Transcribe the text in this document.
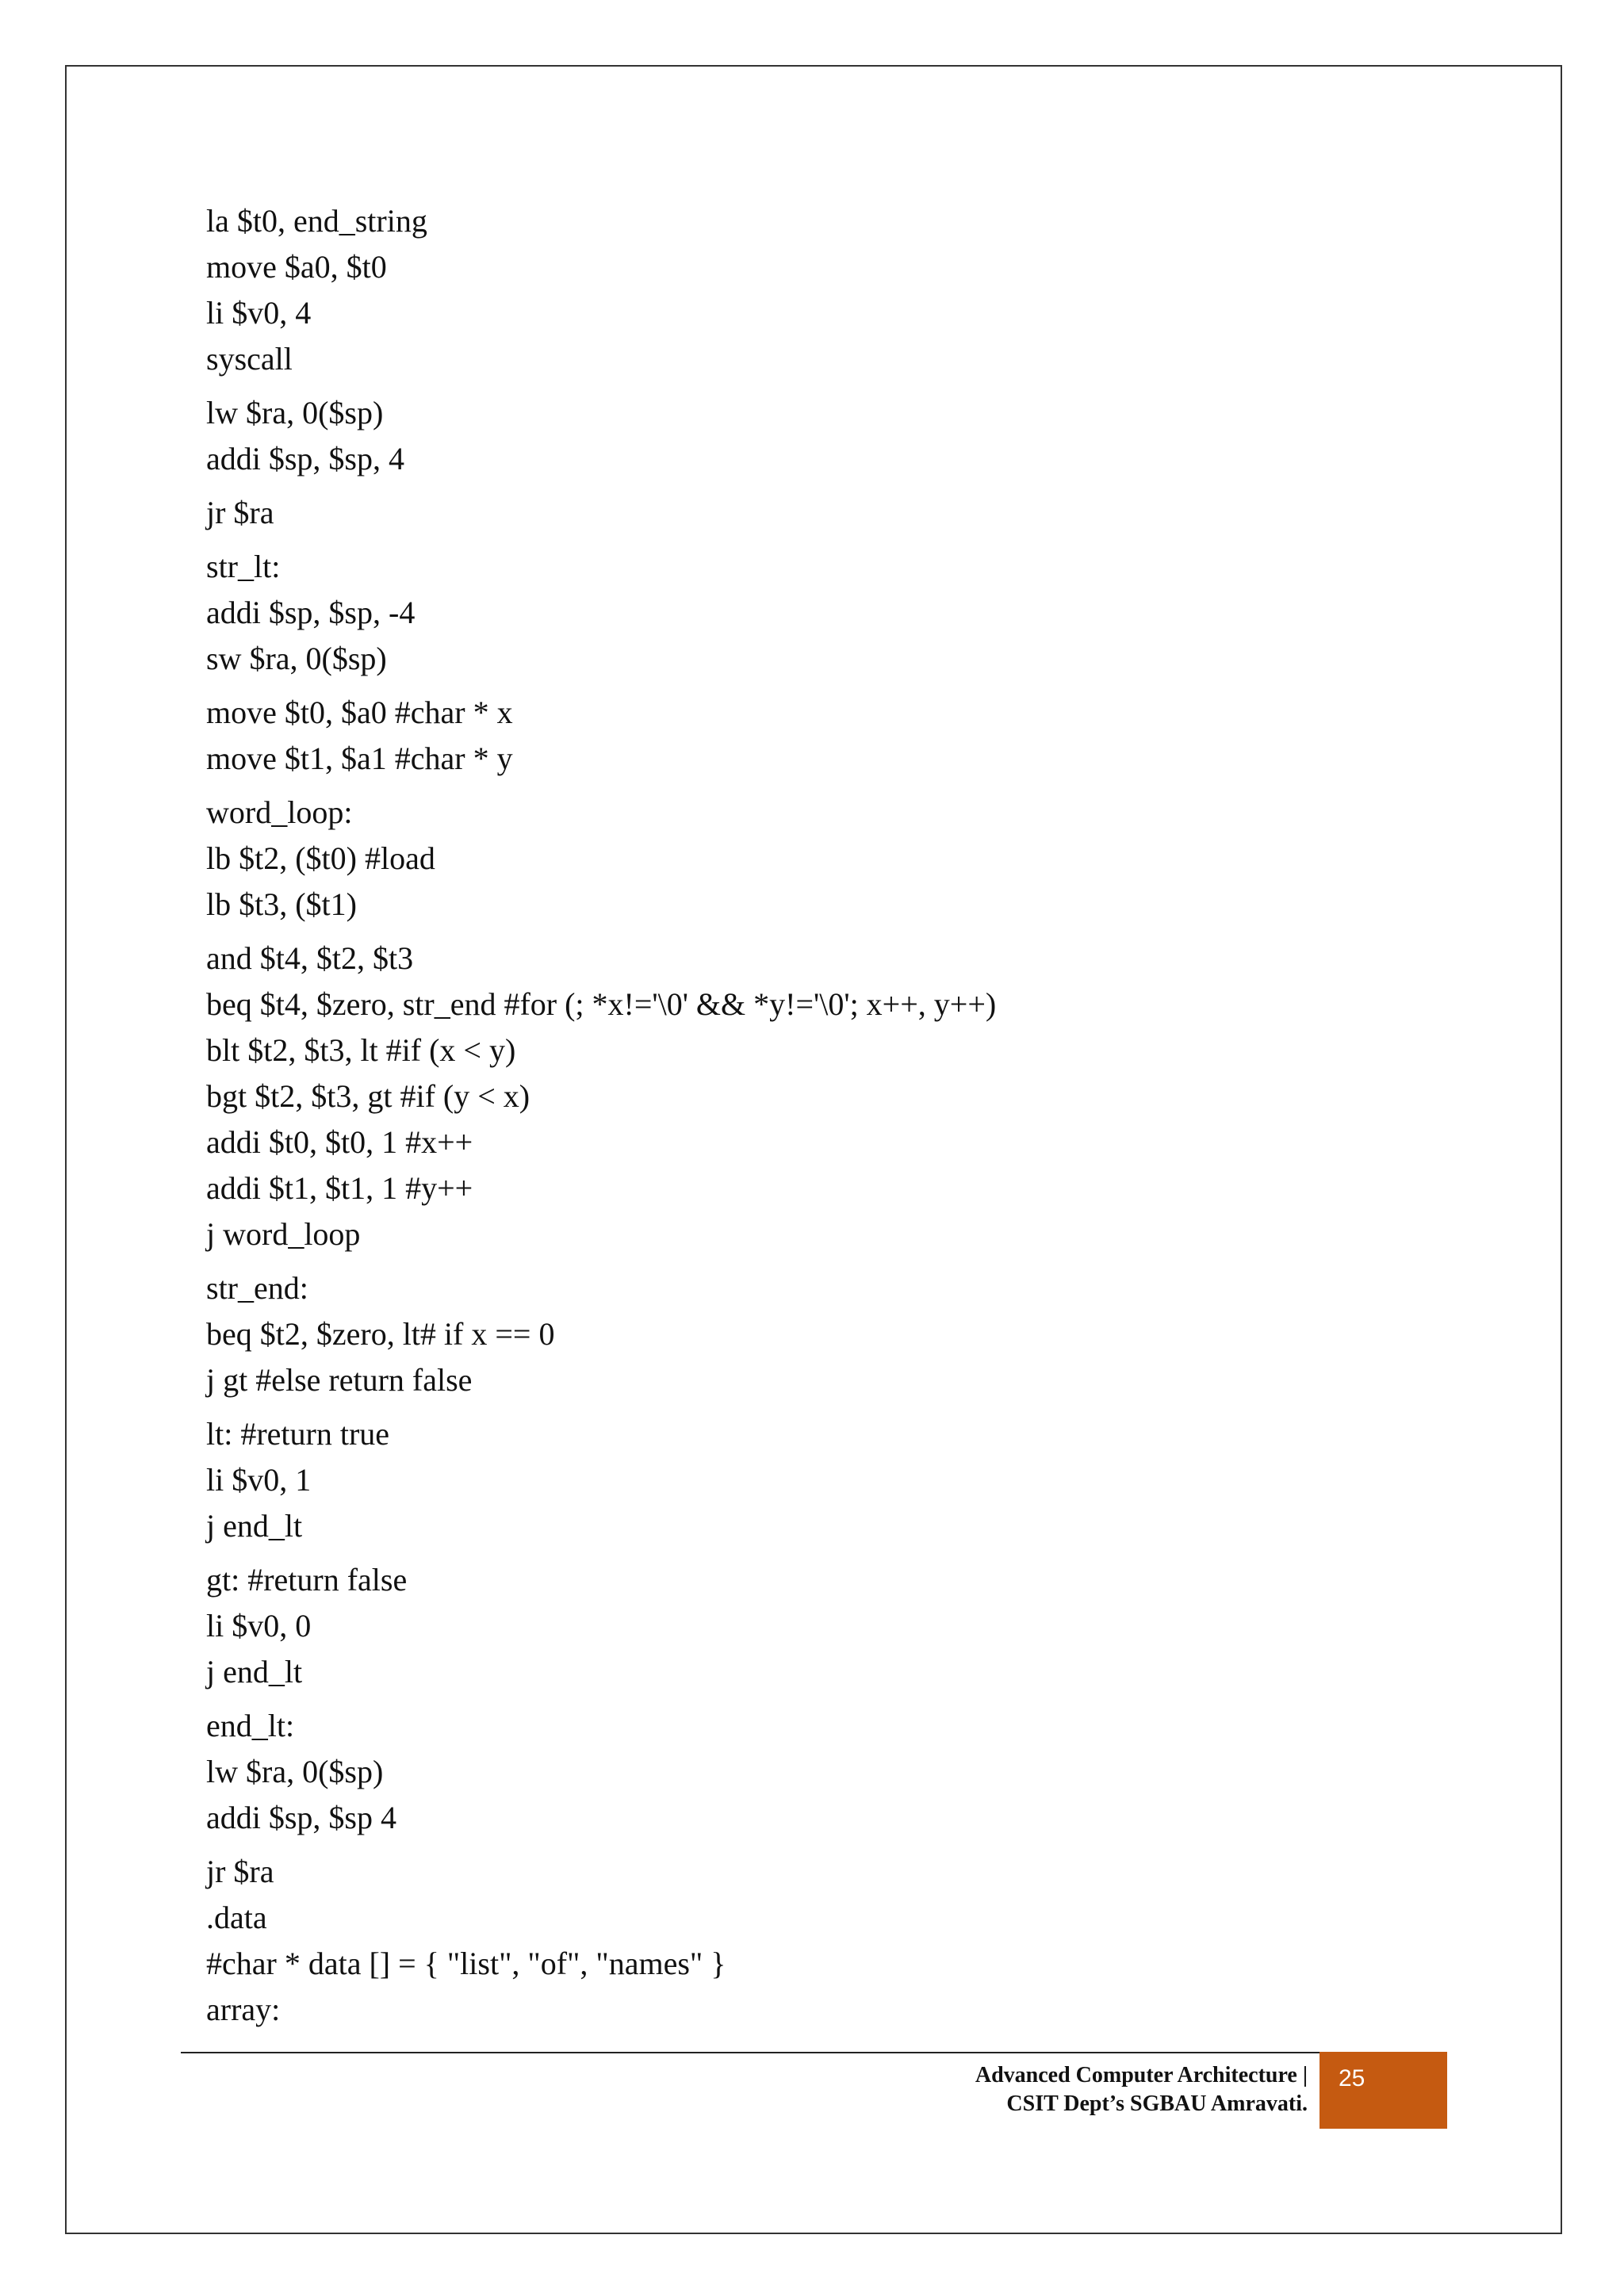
la $t0, end_string
move $a0, $t0
li $v0, 4
syscall
lw $ra, 0($sp)
addi $sp, $sp, 4
jr $ra
str_lt:
addi $sp, $sp, -4
sw $ra, 0($sp)
move $t0, $a0 #char * x
move $t1, $a1 #char * y
word_loop:
lb $t2, ($t0) #load
lb $t3, ($t1)
and $t4, $t2, $t3
beq $t4, $zero, str_end #for (; *x!='\0' && *y!='\0'; x++, y++)
blt $t2, $t3, lt #if (x < y)
bgt $t2, $t3, gt #if (y < x)
addi $t0, $t0, 1 #x++
addi $t1, $t1, 1 #y++
j word_loop
str_end:
beq $t2, $zero, lt# if x == 0
j gt #else return false
lt: #return true
li $v0, 1
j end_lt
gt: #return false
li $v0, 0
j end_lt
end_lt:
lw $ra, 0($sp)
addi $sp, $sp 4
jr $ra
.data
#char * data [] = { "list", "of", "names" }
array:
Advanced Computer Architecture |
CSIT Dept’s SGBAU Amravati.
25
